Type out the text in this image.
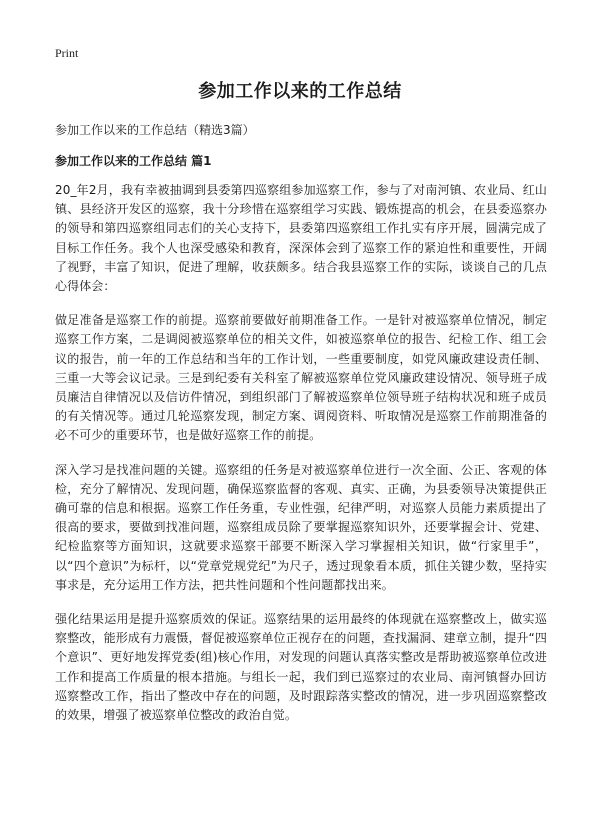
Print
参加工作以来的工作总结

参加工作以来的工作总结（精选3篇）

参加工作以来的工作总结 篇1

20_年2月，我有幸被抽调到县委第四巡察组参加巡察工作，参与了对南河镇、农业局、红山镇、县经济开发区的巡察，我十分珍惜在巡察组学习实践、锻炼提高的机会，在县委巡察办的领导和第四巡察组同志们的关心支持下，县委第四巡察组工作扎实有序开展，圆满完成了目标工作任务。我个人也深受感染和教育，深深体会到了巡察工作的紧迫性和重要性，开阔了视野，丰富了知识，促进了理解，收获颇多。结合我县巡察工作的实际，谈谈自己的几点心得体会：

做足准备是巡察工作的前提。巡察前要做好前期准备工作。一是针对被巡察单位情况，制定巡察工作方案，二是调阅被巡察单位的相关文件，如被巡察单位的报告、纪检工作、组工会议的报告，前一年的工作总结和当年的工作计划，一些重要制度，如党风廉政建设责任制、三重一大等会议记录。三是到纪委有关科室了解被巡察单位党风廉政建设情况、领导班子成员廉洁自律情况以及信访件情况，到组织部门了解被巡察单位领导班子结构状况和班子成员的有关情况等。通过几轮巡察发现，制定方案、调阅资料、听取情况是巡察工作前期准备的必不可少的重要环节，也是做好巡察工作的前提。

深入学习是找准问题的关键。巡察组的任务是对被巡察单位进行一次全面、公正、客观的体检，充分了解情况、发现问题，确保巡察监督的客观、真实、正确，为县委领导决策提供正确可靠的信息和根据。巡察工作任务重，专业性强，纪律严明，对巡察人员能力素质提出了很高的要求，要做到找准问题，巡察组成员除了要掌握巡察知识外，还要掌握会计、党建、纪检监察等方面知识，这就要求巡察干部要不断深入学习掌握相关知识，做“行家里手”，以“四个意识”为标杆，以“党章党规党纪”为尺子，透过现象看本质，抓住关键少数，坚持实事求是，充分运用工作方法，把共性问题和个性问题都找出来。

强化结果运用是提升巡察质效的保证。巡察结果的运用最终的体现就在巡察整改上，做实巡察整改，能形成有力震慑，督促被巡察单位正视存在的问题，查找漏洞、建章立制，提升“四个意识”、更好地发挥党委(组)核心作用，对发现的问题认真落实整改是帮助被巡察单位改进工作和提高工作质量的根本措施。与组长一起，我们到已巡察过的农业局、南河镇督办回访巡察整改工作，指出了整改中存在的问题，及时跟踪落实整改的情况，进一步巩固巡察整改的效果，增强了被巡察单位整改的政治自觉。
